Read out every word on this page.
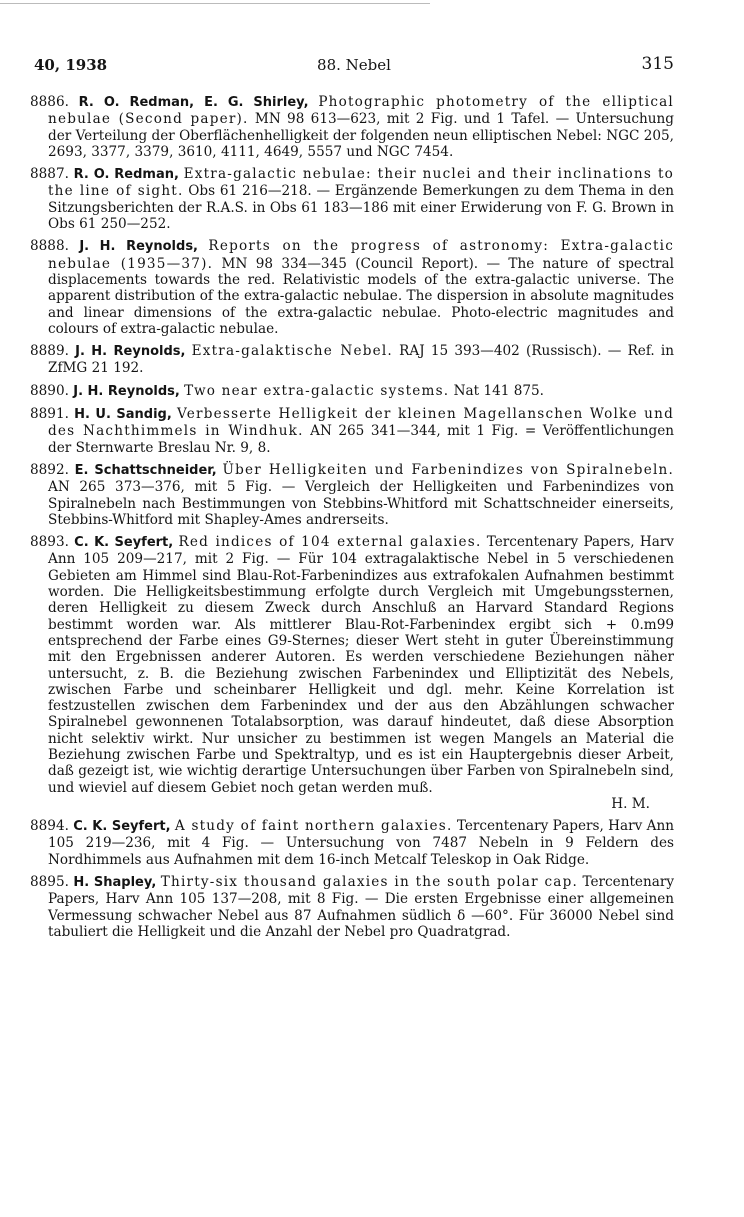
40, 1938	88. Nebel	315
8886. R. O. Redman, E. G. Shirley, Photographic photometry of the elliptical nebulae (Second paper). MN 98 613—623, mit 2 Fig. und 1 Tafel. — Untersuchung der Verteilung der Oberflächenhelligkeit der folgenden neun elliptischen Nebel: NGC 205, 2693, 3377, 3379, 3610, 4111, 4649, 5557 und NGC 7454.
8887. R. O. Redman, Extra-galactic nebulae: their nuclei and their inclinations to the line of sight. Obs 61 216—218. — Ergänzende Bemerkungen zu dem Thema in den Sitzungsberichten der R.A.S. in Obs 61 183—186 mit einer Erwiderung von F. G. Brown in Obs 61 250—252.
8888. J. H. Reynolds, Reports on the progress of astronomy: Extra-galactic nebulae (1935—37). MN 98 334—345 (Council Report). — The nature of spectral displacements towards the red. Relativistic models of the extra-galactic universe. The apparent distribution of the extra-galactic nebulae. The dispersion in absolute magnitudes and linear dimensions of the extra-galactic nebulae. Photo-electric magnitudes and colours of extra-galactic nebulae.
8889. J. H. Reynolds, Extra-galaktische Nebel. RAJ 15 393—402 (Russisch). — Ref. in ZfMG 21 192.
8890. J. H. Reynolds, Two near extra-galactic systems. Nat 141 875.
8891. H. U. Sandig, Verbesserte Helligkeit der kleinen Magellanschen Wolke und des Nachthimmels in Windhuk. AN 265 341—344, mit 1 Fig. = Veröffentlichungen der Sternwarte Breslau Nr. 9, 8.
8892. E. Schattschneider, Über Helligkeiten und Farbenindizes von Spiralnebeln. AN 265 373—376, mit 5 Fig. — Vergleich der Helligkeiten und Farbenindizes von Spiralnebeln nach Bestimmungen von Stebbins-Whitford mit Schattschneider einerseits, Stebbins-Whitford mit Shapley-Ames andrerseits.
8893. C. K. Seyfert, Red indices of 104 external galaxies. Tercentenary Papers, Harv Ann 105 209—217, mit 2 Fig. — Für 104 extragalaktische Nebel in 5 verschiedenen Gebieten am Himmel sind Blau-Rot-Farbenindizes aus extrafokalen Aufnahmen bestimmt worden. Die Helligkeitsbestimmung erfolgte durch Vergleich mit Umgebungssternen, deren Helligkeit zu diesem Zweck durch Anschluß an Harvard Standard Regions bestimmt worden war. Als mittlerer Blau-Rot-Farbenindex ergibt sich + 0.m99 entsprechend der Farbe eines G9-Sternes; dieser Wert steht in guter Übereinstimmung mit den Ergebnissen anderer Autoren. Es werden verschiedene Beziehungen näher untersucht, z. B. die Beziehung zwischen Farbenindex und Elliptizität des Nebels, zwischen Farbe und scheinbarer Helligkeit und dgl. mehr. Keine Korrelation ist festzustellen zwischen dem Farbenindex und der aus den Abzählungen schwacher Spiralnebel gewonnenen Totalabsorption, was darauf hindeutet, daß diese Absorption nicht selektiv wirkt. Nur unsicher zu bestimmen ist wegen Mangels an Material die Beziehung zwischen Farbe und Spektraltyp, und es ist ein Hauptergebnis dieser Arbeit, daß gezeigt ist, wie wichtig derartige Untersuchungen über Farben von Spiralnebeln sind, und wieviel auf diesem Gebiet noch getan werden muß.
H. M.
8894. C. K. Seyfert, A study of faint northern galaxies. Tercentenary Papers, Harv Ann 105 219—236, mit 4 Fig. — Untersuchung von 7487 Nebeln in 9 Feldern des Nordhimmels aus Aufnahmen mit dem 16-inch Metcalf Teleskop in Oak Ridge.
8895. H. Shapley, Thirty-six thousand galaxies in the south polar cap. Tercentenary Papers, Harv Ann 105 137—208, mit 8 Fig. — Die ersten Ergebnisse einer allgemeinen Vermessung schwacher Nebel aus 87 Aufnahmen südlich δ —60°. Für 36000 Nebel sind tabuliert die Helligkeit und die Anzahl der Nebel pro Quadratgrad.
